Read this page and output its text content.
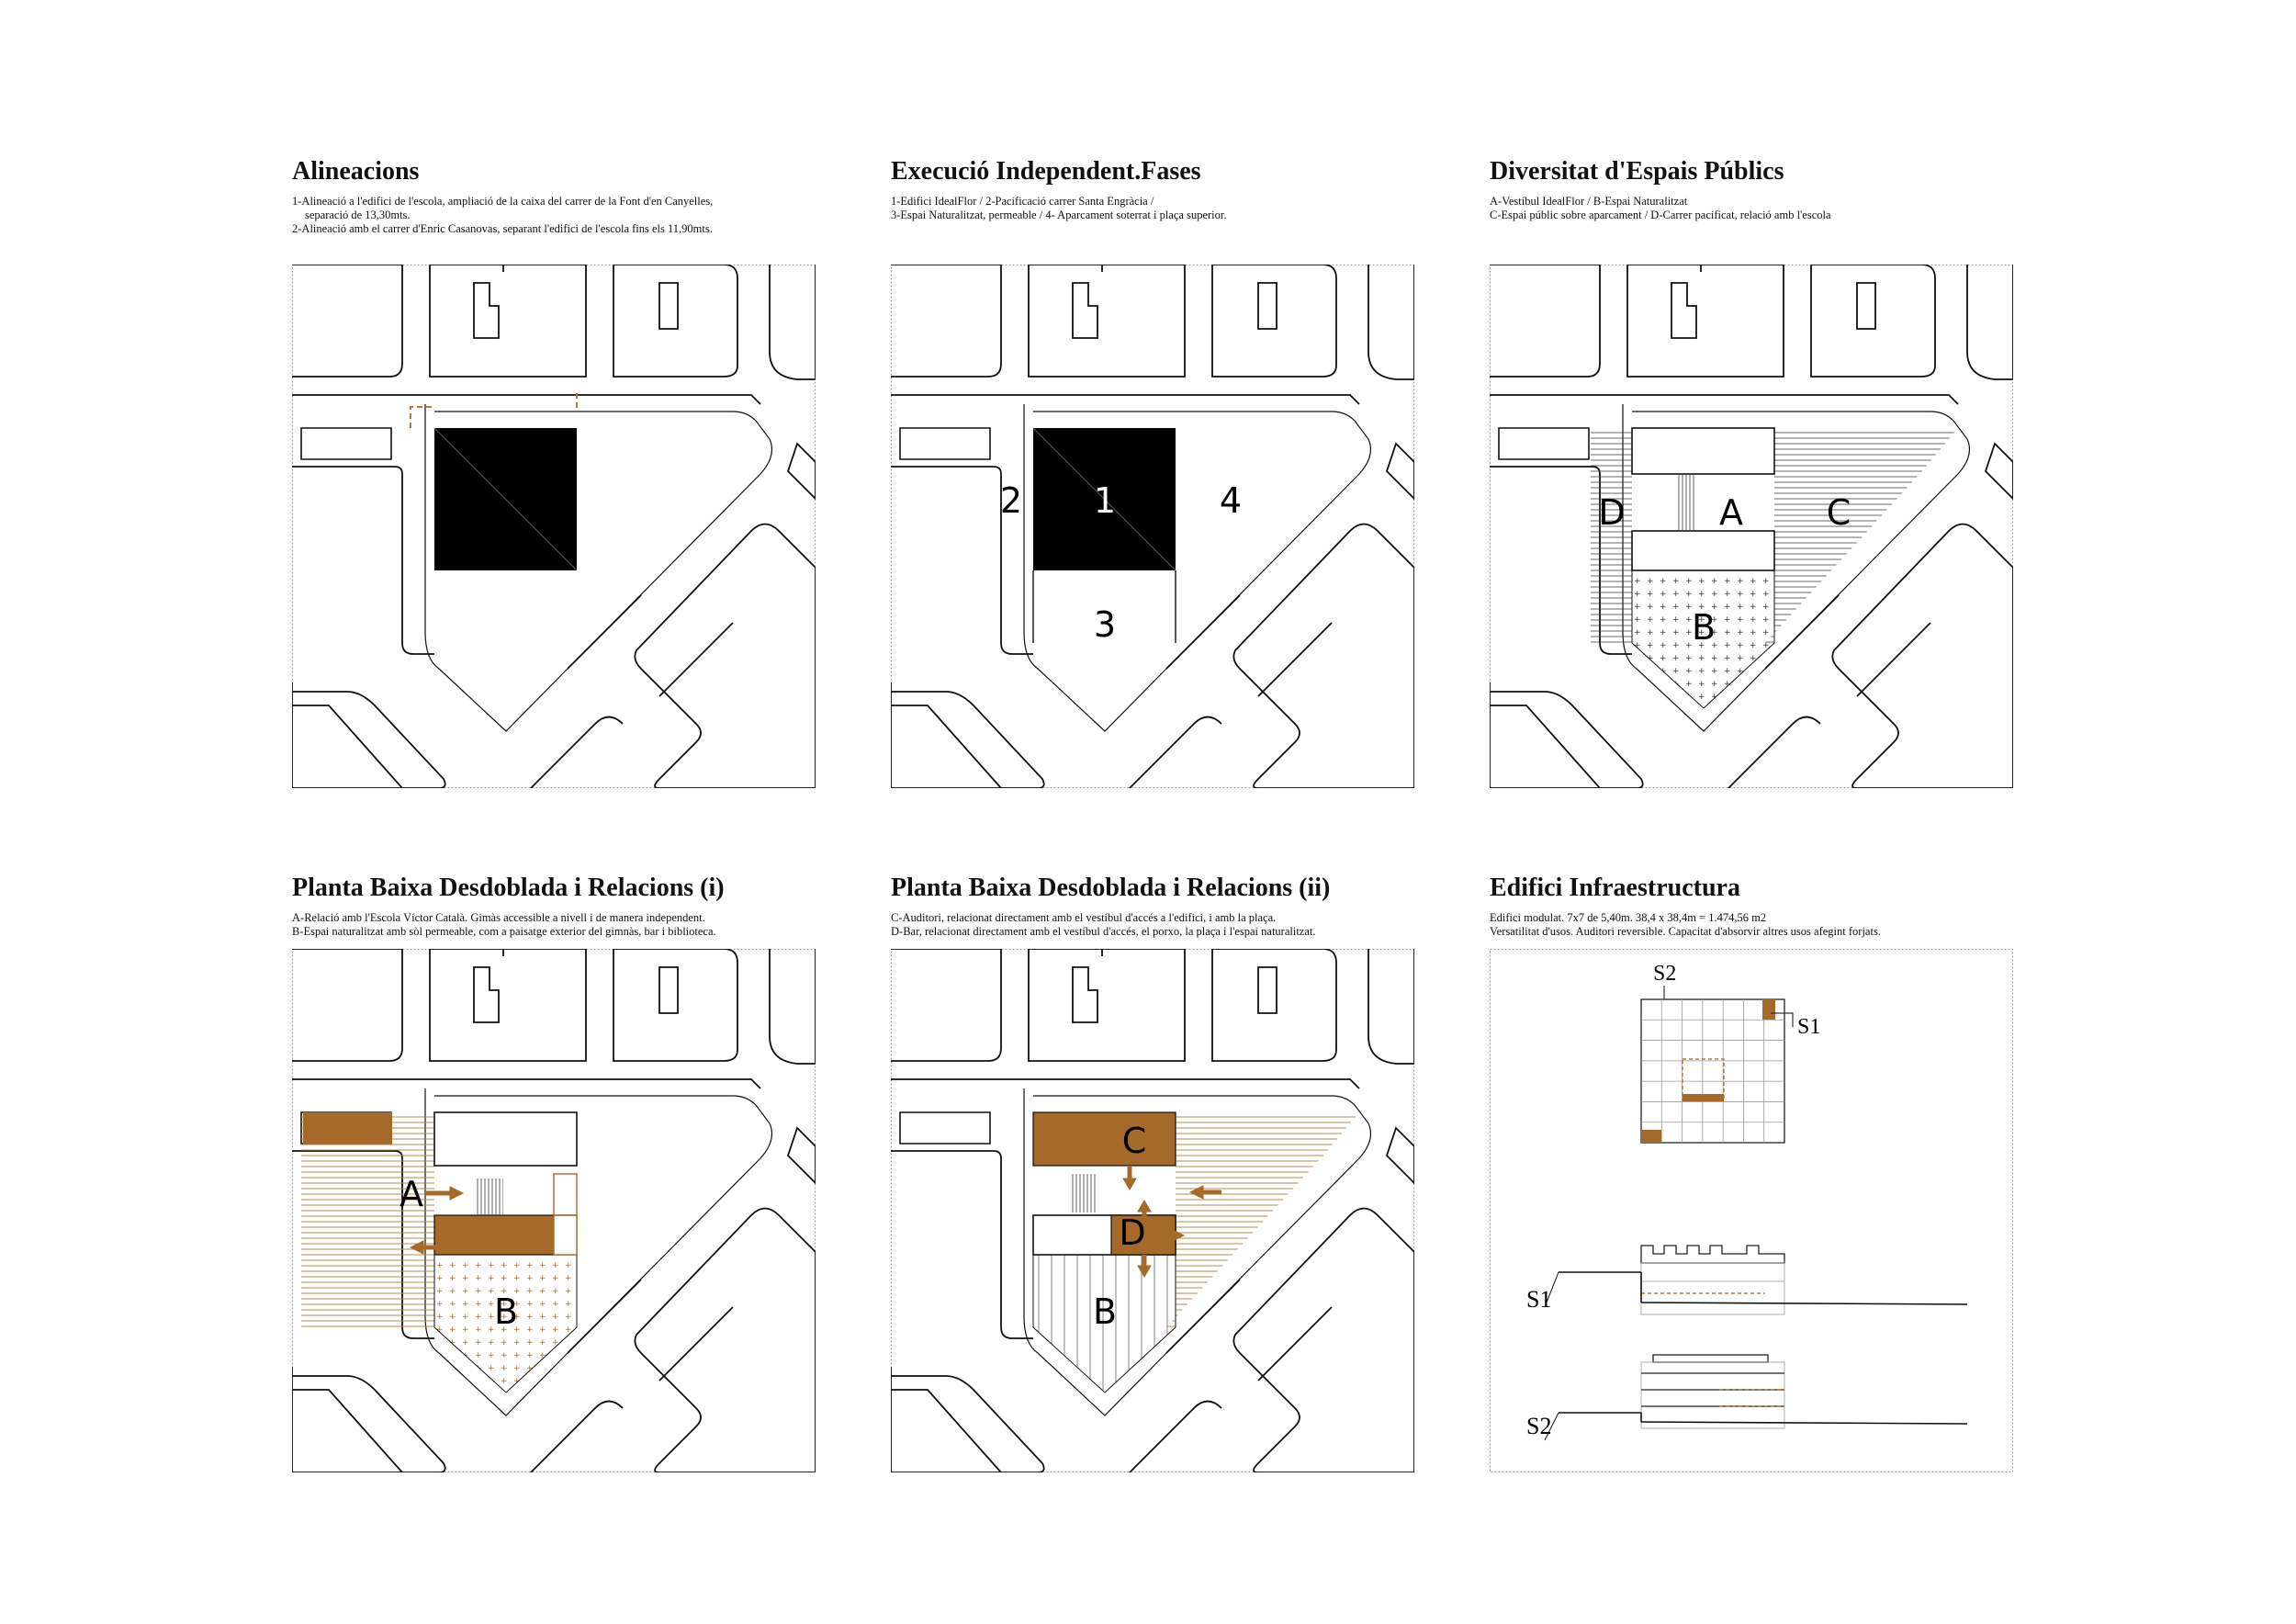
Alineacions
1-Alineació a l'edifici de l'escola, ampliació de la caixa del carrer de la Font d'en Canyelles,
separació de 13,30mts.
2-Alineació amb el carrer d'Enric Casanovas, separant l'edifici de l'escola fins els 11,90mts.
Execució Independent.Fases
1-Edifici IdealFlor / 2-Pacificació carrer Santa Engràcia /
3-Espai Naturalitzat, permeable / 4- Aparcament soterrat i plaça superior.
Diversitat d'Espais Públics
A-Vestíbul IdealFlor / B-Espai Naturalitzat
C-Espai públic sobre aparcament / D-Carrer pacificat, relació amb l'escola
Planta Baixa Desdoblada i Relacions (i)
A-Relació amb l'Escola Víctor Català. Gimàs accessible a nivell i de manera independent.
B-Espai naturalitzat amb sòl permeable, com a paisatge exterior del gimnàs, bar i biblioteca.
Planta Baixa Desdoblada i Relacions (ii)
C-Auditori, relacionat directament amb el vestíbul d'accés a l'edifici, i amb la plaça.
D-Bar, relacionat directament amb el vestíbul d'accés, el porxo, la plaça i l'espai naturalitzat.
Edifici Infraestructura
Edifici modulat. 7x7 de 5,40m. 38,4 x 38,4m = 1.474,56 m2
Versatilitat d'usos. Auditori reversible. Capacitat d'absorvir altres usos afegint forjats.
1
2
3
4	A
B
C
D
A
B
C
D
B
S2
S1
S1
S2
